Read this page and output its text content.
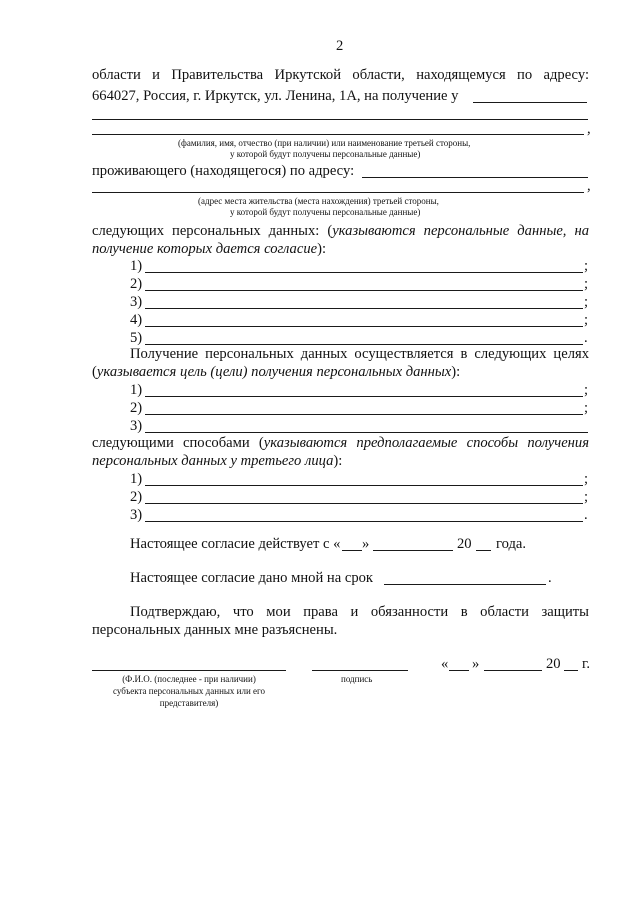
2
области и Правительства Иркутской области, находящемуся по адресу:
664027, Россия, г. Иркутск, ул. Ленина, 1А, на получение у
,
(фамилия, имя, отчество (при наличии) или наименование третьей стороны,
у которой будут получены персональные данные)
проживающего (находящегося) по адресу:
,
(адрес места жительства (места нахождения) третьей стороны,
у которой будут получены персональные данные)
следующих персональных данных: (указываются персональные данные, на
получение которых дается согласие):
1)	;
2)	;
3)	;
4)	;
5)	.
Получение персональных данных осуществляется в следующих целях
(указывается цель (цели) получения персональных данных):
1)	;
2)	;
3)
следующими способами (указываются предполагаемые способы получения
персональных данных у третьего лица):
1)	;
2)	;
3)	.
Настоящее согласие действует с « »	20 года.
Настоящее согласие дано мной на срок	.
Подтверждаю, что мои права и обязанности в области защиты
персональных данных мне разъяснены.
« »	20 г.
(Ф.И.О. (последнее - при наличии)
субъекта персональных данных или его
представителя)
подпись
